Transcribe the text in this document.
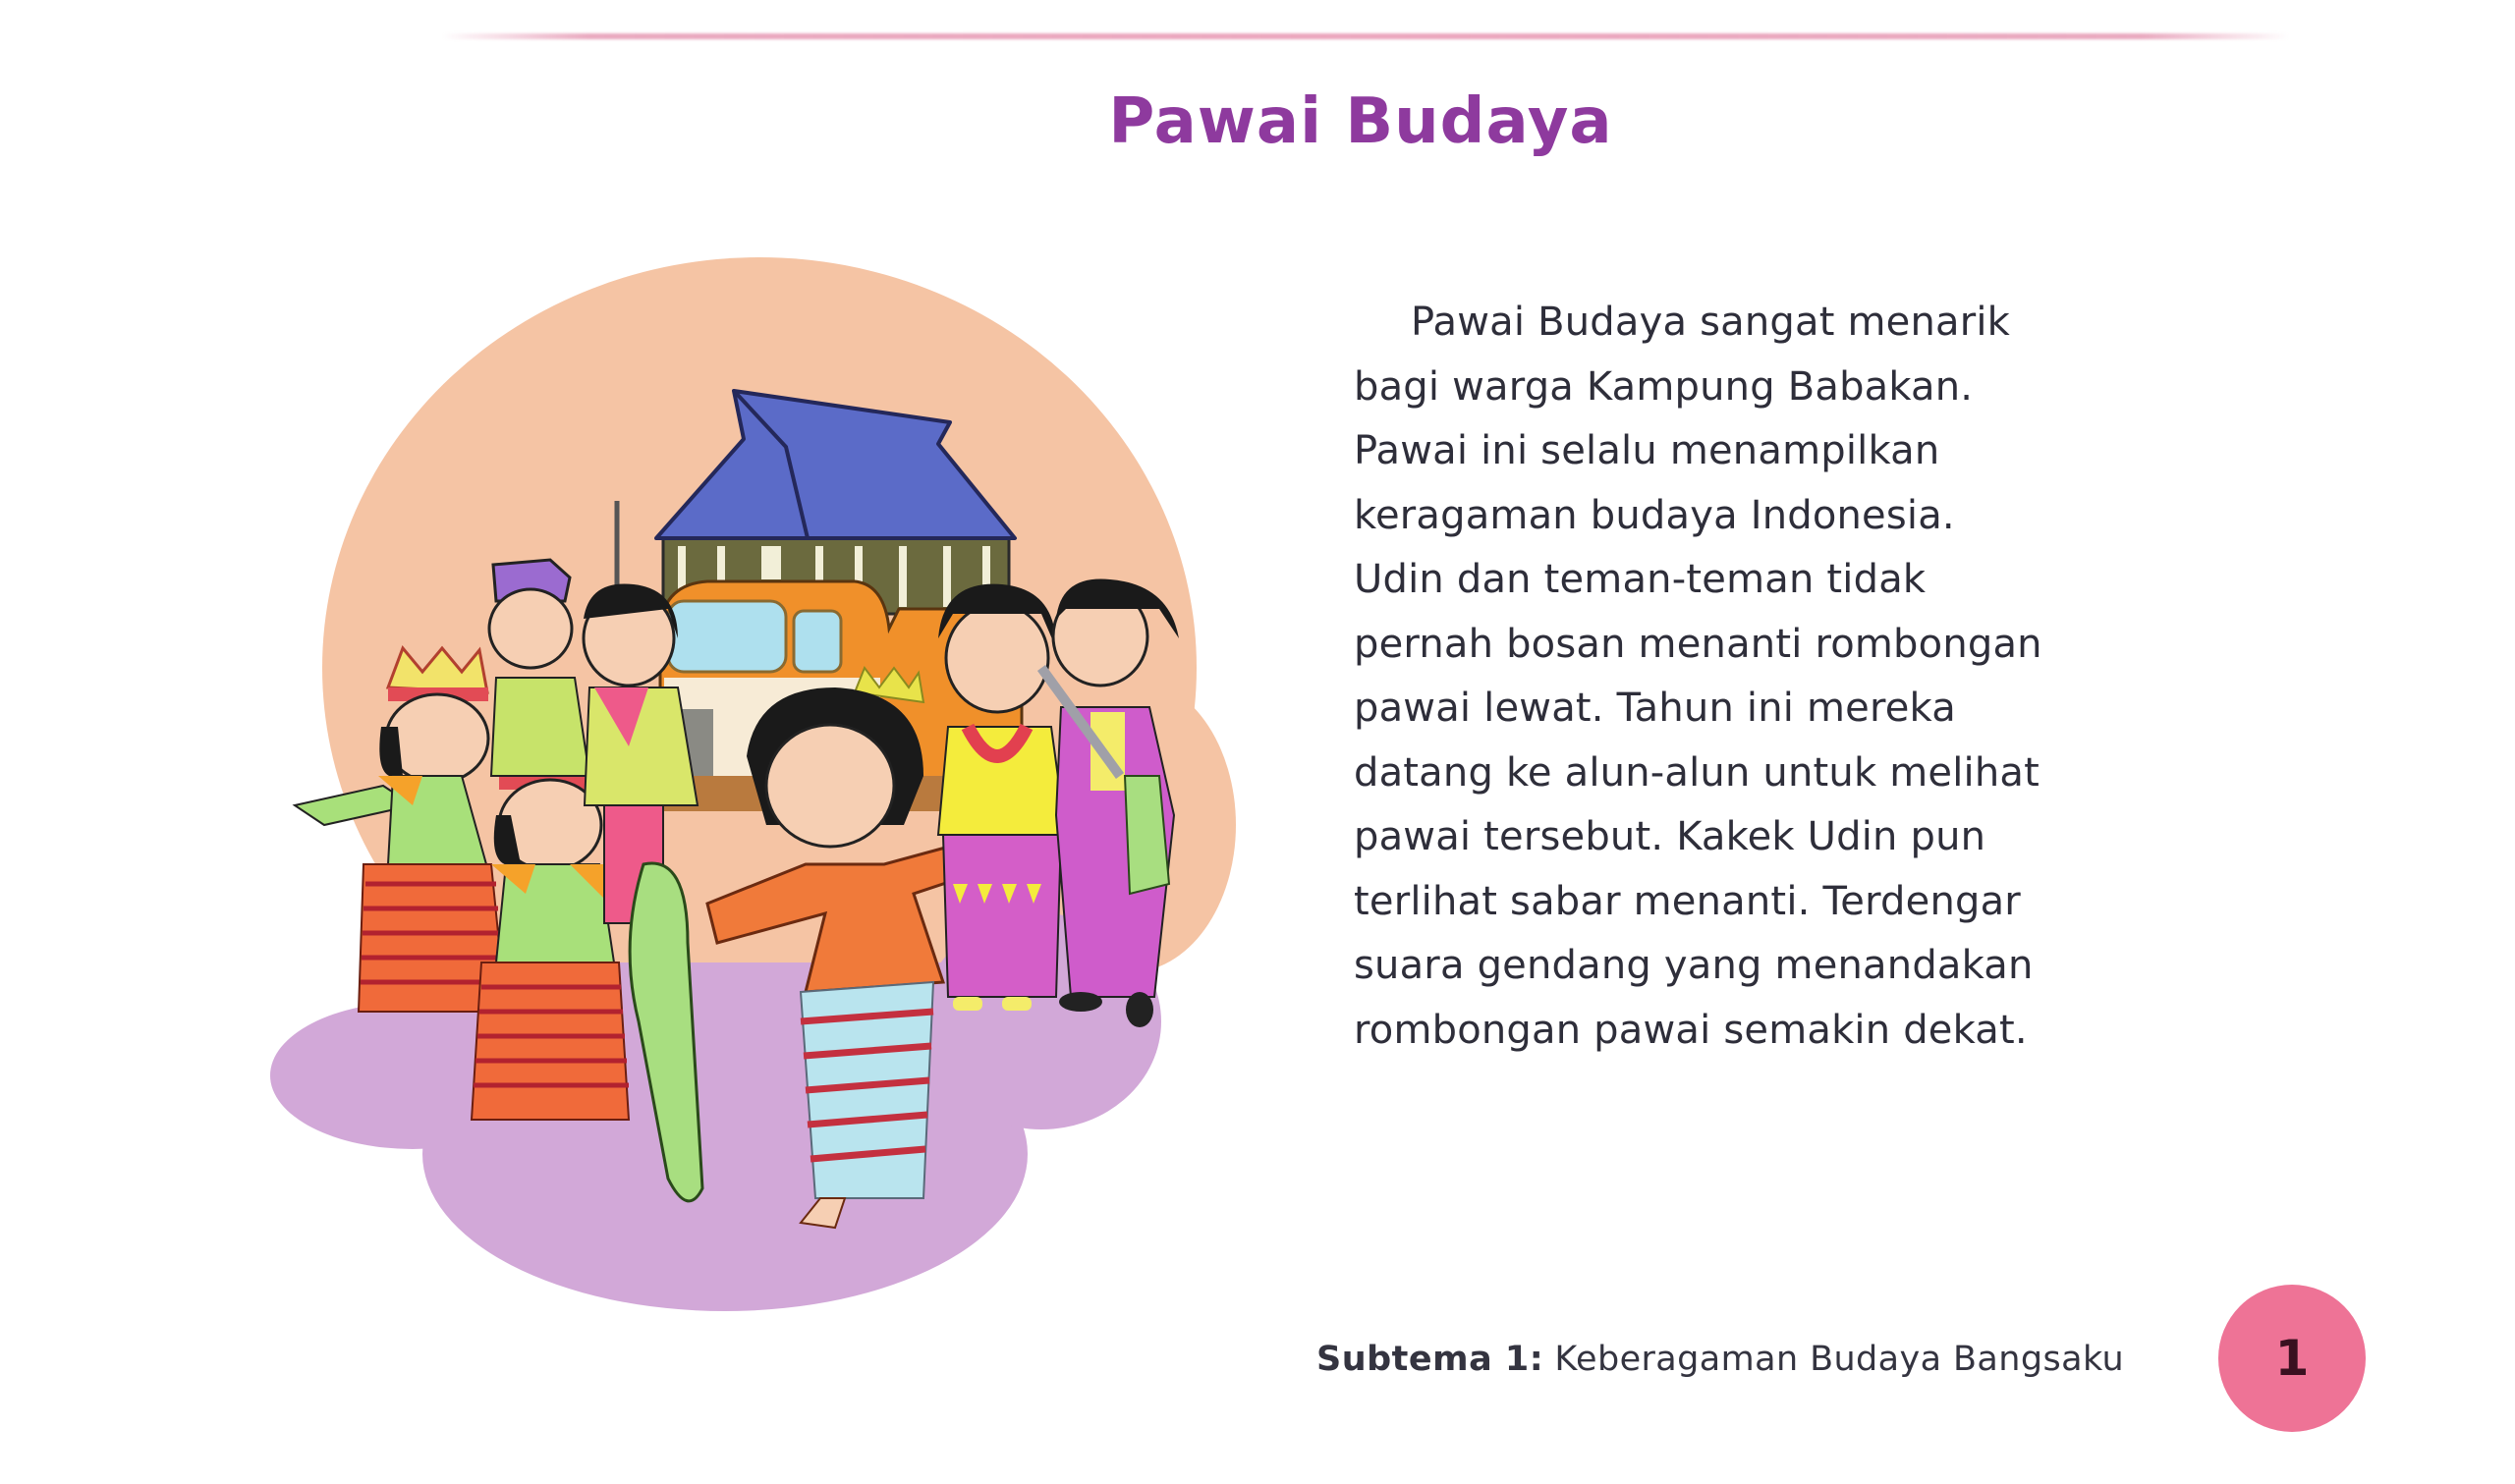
Pawai Budaya
Pawai Budaya sangat menarik
bagi warga Kampung Babakan.
Pawai ini selalu menampilkan
keragaman budaya Indonesia.
Udin dan teman-teman tidak
pernah bosan menanti rombongan
pawai lewat. Tahun ini mereka
datang ke alun-alun untuk melihat
pawai tersebut. Kakek Udin pun
terlihat sabar menanti. Terdengar
suara gendang yang menandakan
rombongan pawai semakin dekat.
Subtema 1: Keberagaman Budaya Bangsaku	1
